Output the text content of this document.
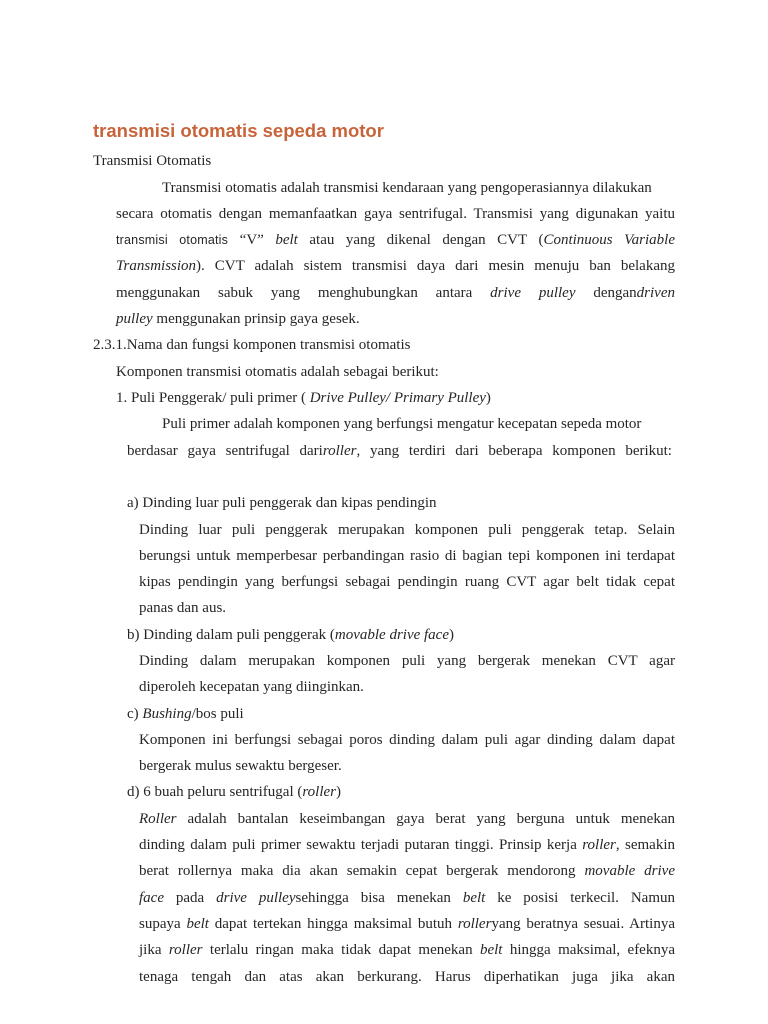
transmisi otomatis sepeda motor
Transmisi Otomatis
Transmisi otomatis adalah transmisi kendaraan yang pengoperasiannya dilakukan
secara otomatis dengan memanfaatkan gaya sentrifugal. Transmisi yang digunakan yaitu
transmisi otomatis “V” belt atau yang dikenal dengan CVT (Continuous Variable
Transmission). CVT adalah sistem transmisi daya dari mesin menuju ban belakang
menggunakan sabuk yang menghubungkan antara drive pulley dengandriven
pulley menggunakan prinsip gaya gesek.
2.3.1.Nama dan fungsi komponen transmisi otomatis
Komponen transmisi otomatis adalah sebagai berikut:
1. Puli Penggerak/ puli primer ( Drive Pulley/ Primary Pulley)
Puli primer adalah komponen yang berfungsi mengatur kecepatan sepeda motor
berdasar gaya sentrifugal dariroller, yang terdiri dari beberapa komponen berikut:
a) Dinding luar puli penggerak dan kipas pendingin
Dinding luar puli penggerak merupakan komponen puli penggerak tetap. Selain
berungsi untuk memperbesar perbandingan rasio di bagian tepi komponen ini terdapat
kipas pendingin yang berfungsi sebagai pendingin ruang CVT agar belt tidak cepat
panas dan aus.
b) Dinding dalam puli penggerak (movable drive face)
Dinding dalam merupakan komponen puli yang bergerak menekan CVT agar
diperoleh kecepatan yang diinginkan.
c) Bushing/bos puli
Komponen ini berfungsi sebagai poros dinding dalam puli agar dinding dalam dapat
bergerak mulus sewaktu bergeser.
d) 6 buah peluru sentrifugal (roller)
Roller adalah bantalan keseimbangan gaya berat yang berguna untuk menekan
dinding dalam puli primer sewaktu terjadi putaran tinggi. Prinsip kerja roller, semakin
berat rollernya maka dia akan semakin cepat bergerak mendorong movable drive
face pada drive pulleysehingga bisa menekan belt ke posisi terkecil. Namun
supaya belt dapat tertekan hingga maksimal butuh rolleryang beratnya sesuai. Artinya
jika roller terlalu ringan maka tidak dapat menekan belt hingga maksimal, efeknya
tenaga tengah dan atas akan berkurang. Harus diperhatikan juga jika akan
